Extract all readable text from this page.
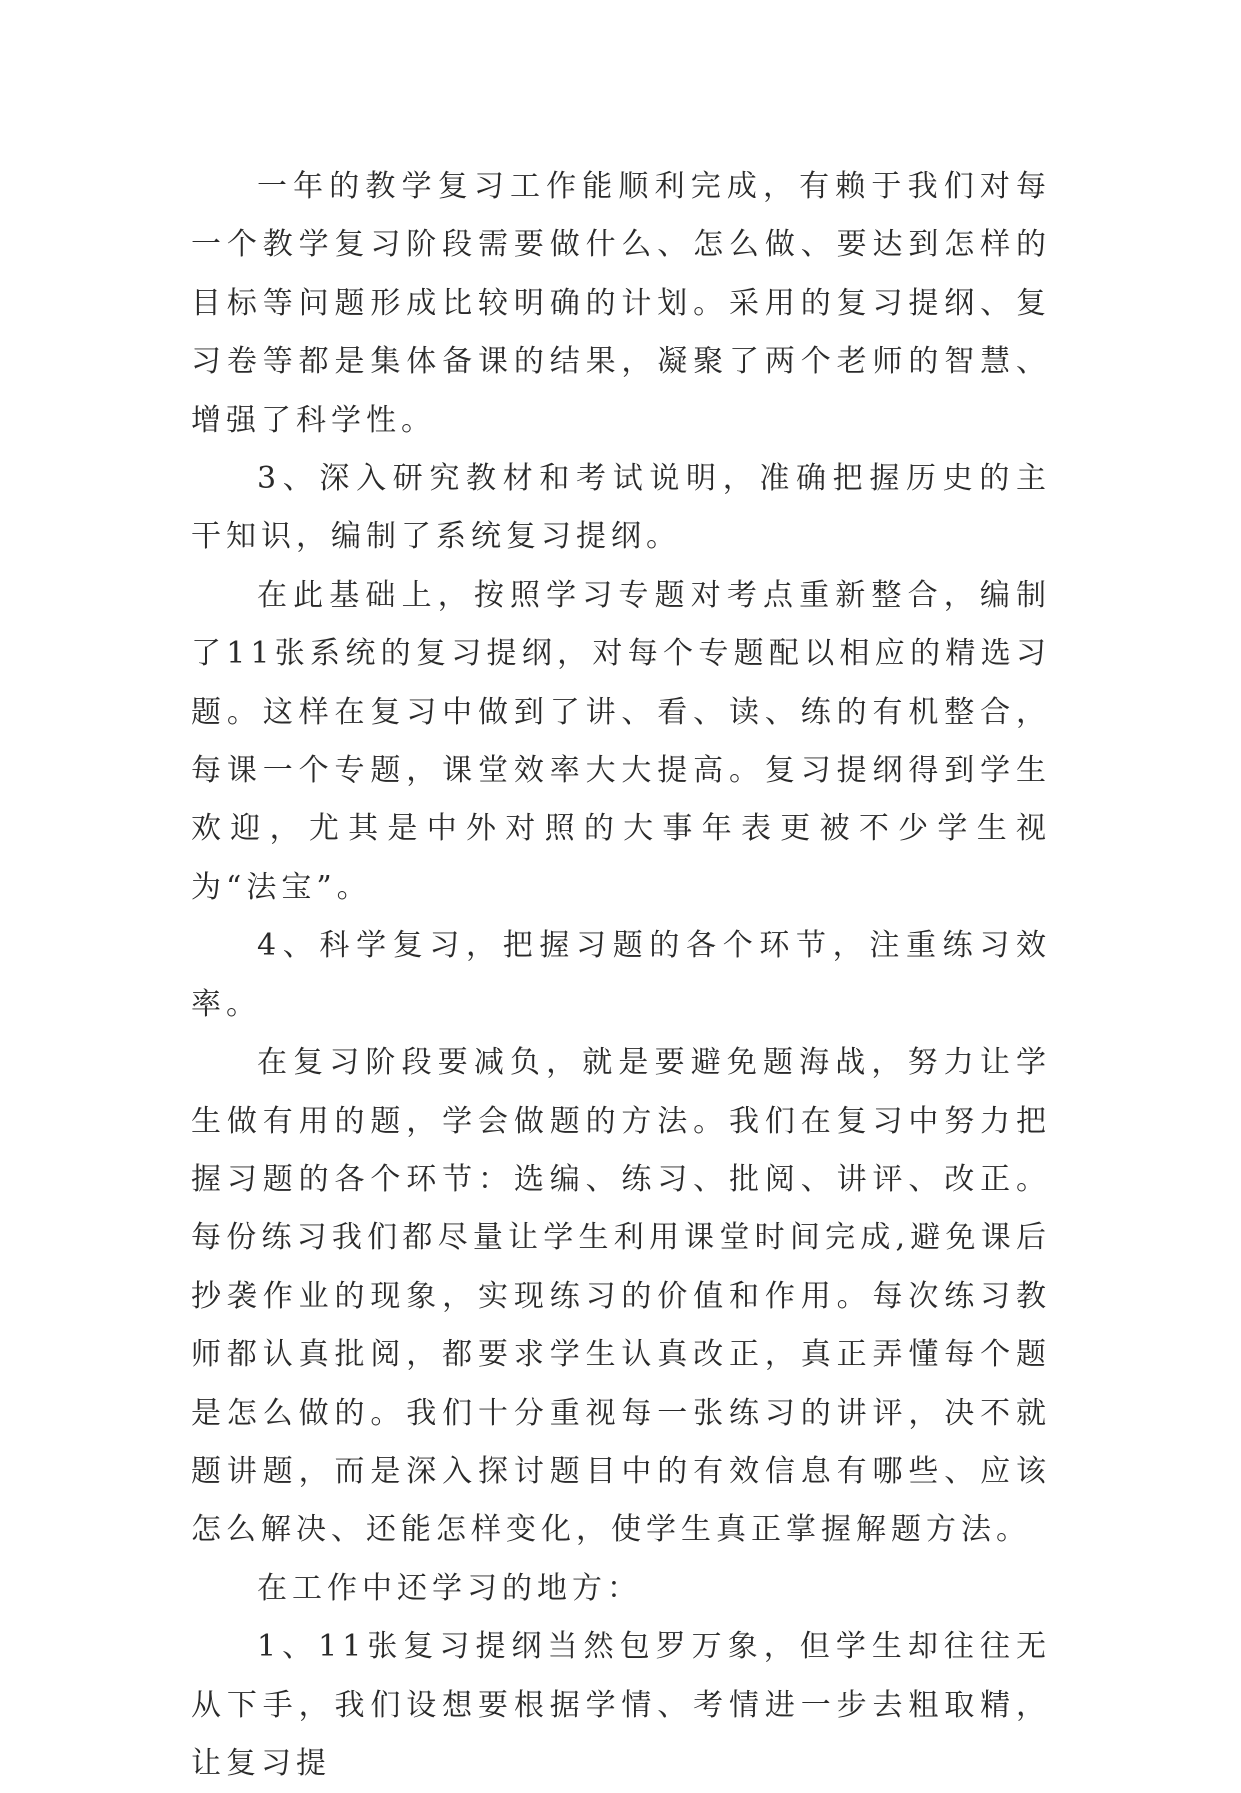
一年的教学复习工作能顺利完成，有赖于我们对每一个教学复习阶段需要做什么、怎么做、要达到怎样的目标等问题形成比较明确的计划。采用的复习提纲、复习卷等都是集体备课的结果，凝聚了两个老师的智慧、增强了科学性。

3、深入研究教材和考试说明，准确把握历史的主干知识，编制了系统复习提纲。

在此基础上，按照学习专题对考点重新整合，编制了11张系统的复习提纲，对每个专题配以相应的精选习题。这样在复习中做到了讲、看、读、练的有机整合，每课一个专题，课堂效率大大提高。复习提纲得到学生欢迎，尤其是中外对照的大事年表更被不少学生视为“法宝”。

4、科学复习，把握习题的各个环节，注重练习效率。

在复习阶段要减负，就是要避免题海战，努力让学生做有用的题，学会做题的方法。我们在复习中努力把握习题的各个环节：选编、练习、批阅、讲评、改正。每份练习我们都尽量让学生利用课堂时间完成,避免课后抄袭作业的现象，实现练习的价值和作用。每次练习教师都认真批阅，都要求学生认真改正，真正弄懂每个题是怎么做的。我们十分重视每一张练习的讲评，决不就题讲题，而是深入探讨题目中的有效信息有哪些、应该怎么解决、还能怎样变化，使学生真正掌握解题方法。

在工作中还学习的地方：

1、11张复习提纲当然包罗万象，但学生却往往无从下手，我们设想要根据学情、考情进一步去粗取精，让复习提
